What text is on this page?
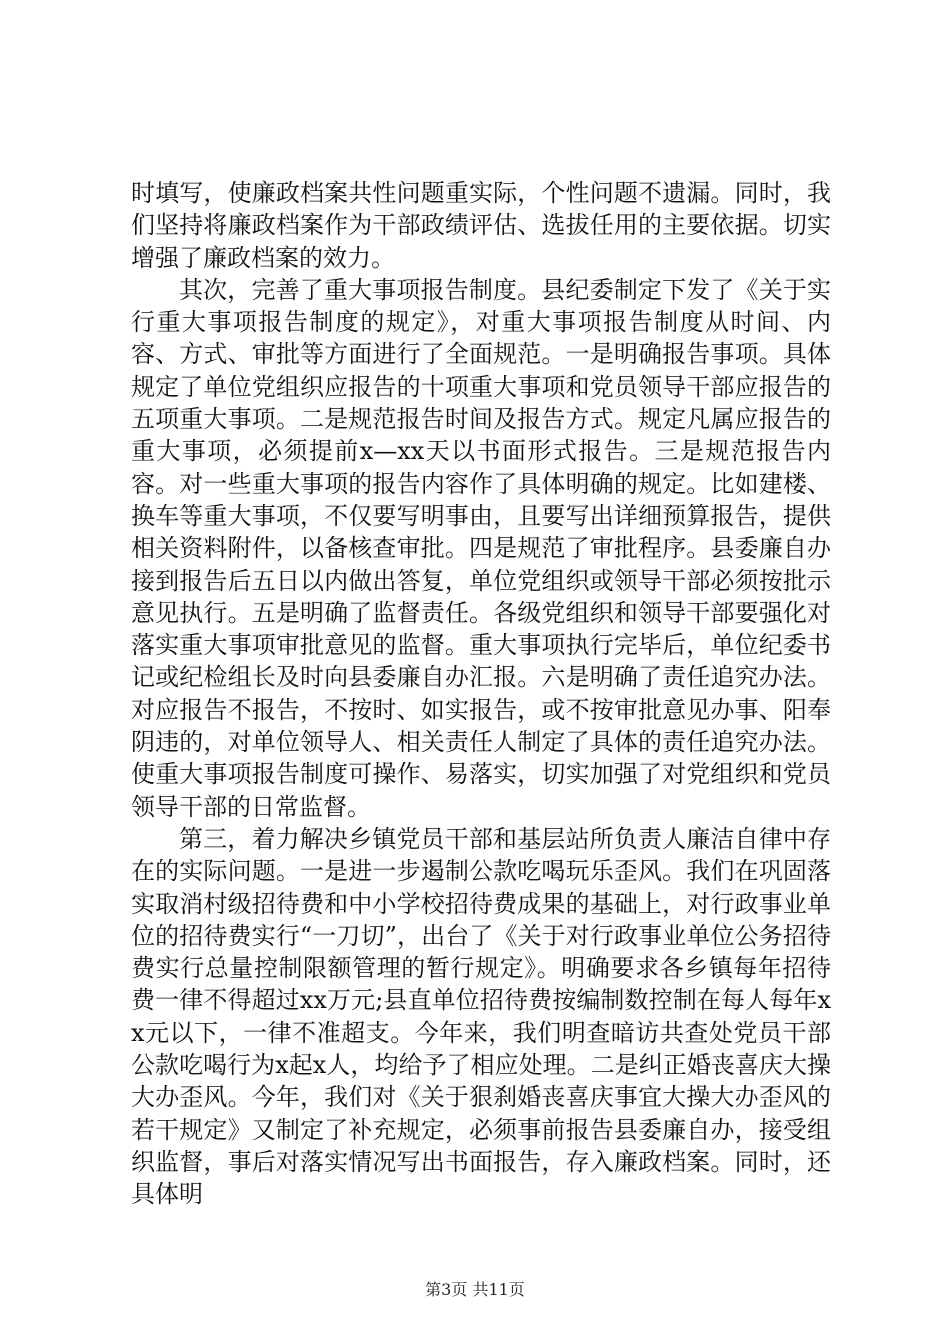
时填写，使廉政档案共性问题重实际，个性问题不遗漏。同时，我们坚持将廉政档案作为干部政绩评估、选拔任用的主要依据。切实增强了廉政档案的效力。

其次，完善了重大事项报告制度。县纪委制定下发了《关于实行重大事项报告制度的规定》，对重大事项报告制度从时间、内容、方式、审批等方面进行了全面规范。一是明确报告事项。具体规定了单位党组织应报告的十项重大事项和党员领导干部应报告的五项重大事项。二是规范报告时间及报告方式。规定凡属应报告的重大事项，必须提前x—xx天以书面形式报告。三是规范报告内容。对一些重大事项的报告内容作了具体明确的规定。比如建楼、换车等重大事项，不仅要写明事由，且要写出详细预算报告，提供相关资料附件，以备核查审批。四是规范了审批程序。县委廉自办接到报告后五日以内做出答复，单位党组织或领导干部必须按批示意见执行。五是明确了监督责任。各级党组织和领导干部要强化对落实重大事项审批意见的监督。重大事项执行完毕后，单位纪委书记或纪检组长及时向县委廉自办汇报。六是明确了责任追究办法。对应报告不报告，不按时、如实报告，或不按审批意见办事、阳奉阴违的，对单位领导人、相关责任人制定了具体的责任追究办法。使重大事项报告制度可操作、易落实，切实加强了对党组织和党员领导干部的日常监督。

第三，着力解决乡镇党员干部和基层站所负责人廉洁自律中存在的实际问题。一是进一步遏制公款吃喝玩乐歪风。我们在巩固落实取消村级招待费和中小学校招待费成果的基础上，对行政事业单位的招待费实行“一刀切”，出台了《关于对行政事业单位公务招待费实行总量控制限额管理的暂行规定》。明确要求各乡镇每年招待费一律不得超过xx万元;县直单位招待费按编制数控制在每人每年xx元以下，一律不准超支。今年来，我们明查暗访共查处党员干部公款吃喝行为x起x人，均给予了相应处理。二是纠正婚丧喜庆大操大办歪风。今年，我们对《关于狠刹婚丧喜庆事宜大操大办歪风的若干规定》又制定了补充规定，必须事前报告县委廉自办，接受组织监督，事后对落实情况写出书面报告，存入廉政档案。同时，还具体明

第3页 共11页
